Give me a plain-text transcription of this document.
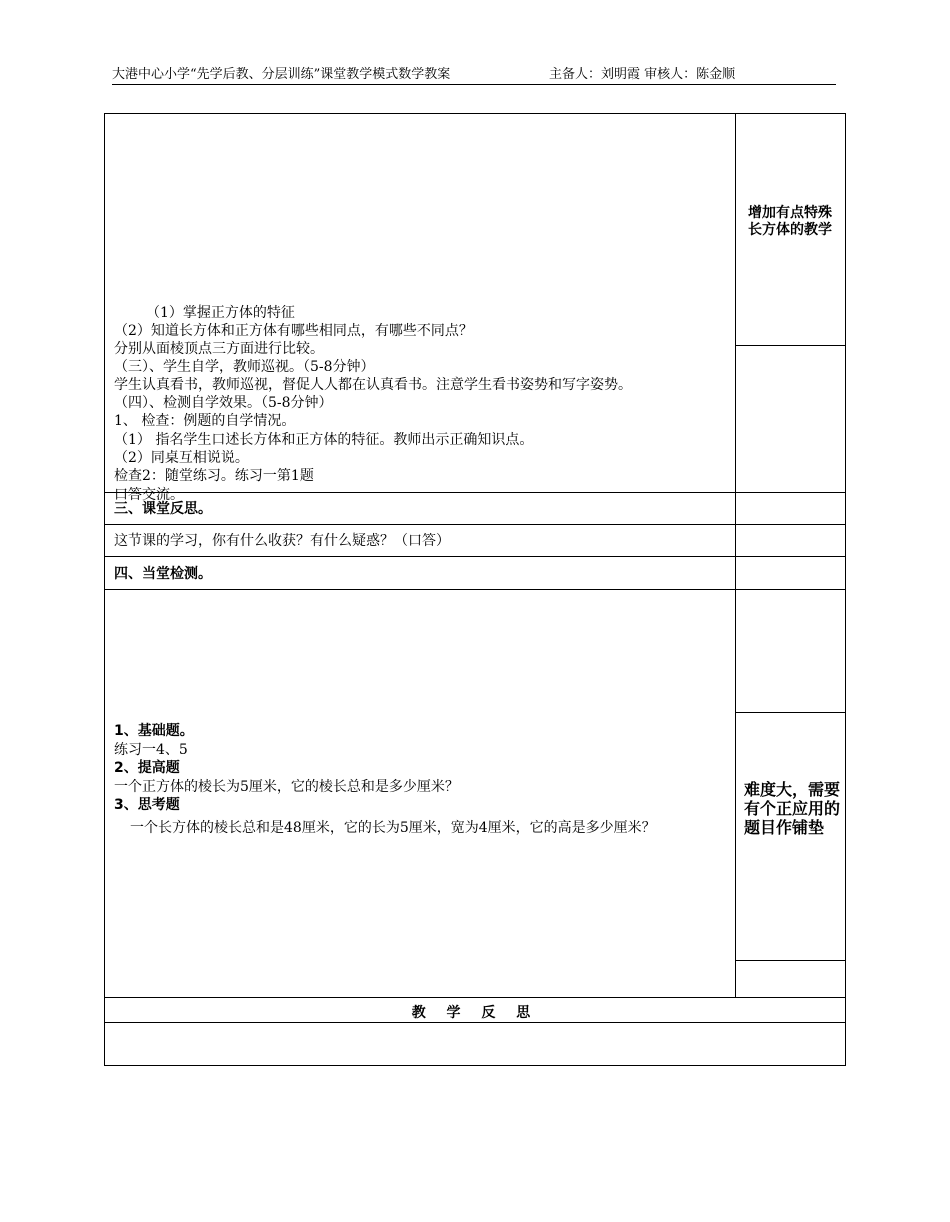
大港中心小学“先学后教、分层训练”课堂教学模式数学教案	主备人：刘明霞 审核人：陈金顺
（1）掌握正方体的特征
（2）知道长方体和正方体有哪些相同点，有哪些不同点？
分别从面棱顶点三方面进行比较。
（三）、学生自学，教师巡视。（5-8分钟）
学生认真看书，教师巡视，督促人人都在认真看书。注意学生看书姿势和写字姿势。
（四）、检测自学效果。（5-8分钟）
1、 检查：例题的自学情况。
（1） 指名学生口述长方体和正方体的特征。教师出示正确知识点。
（2）同桌互相说说。
检查2：随堂练习。练习一第1题
口答交流。
增加有点特殊长方体的教学
三、课堂反思。
这节课的学习，你有什么收获？有什么疑惑？（口答）
四、当堂检测。
1、基础题。
练习一4、5
2、提高题
一个正方体的棱长为5厘米，它的棱长总和是多少厘米？
3、思考题
一个长方体的棱长总和是48厘米，它的长为5厘米，宽为4厘米，它的高是多少厘米？
难度大，需要有个正应用的题目作铺垫
教 学 反 思
